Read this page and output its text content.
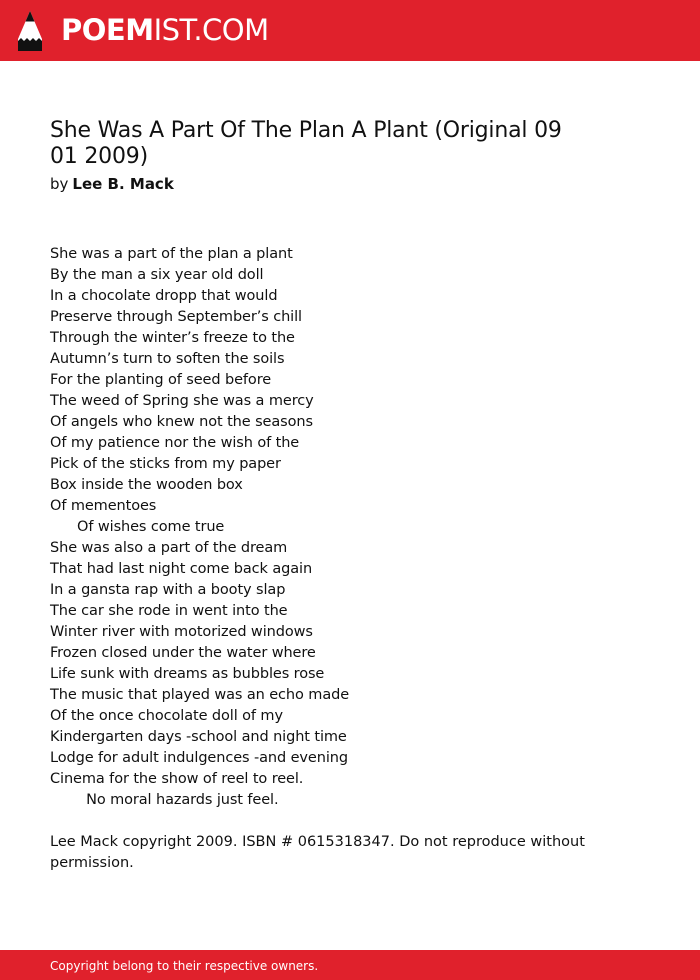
POEMIST.COM
She Was A Part Of The Plan A Plant (Original 09
01 2009)
by Lee B. Mack
She was a part of the plan a plant
By the man a six year old doll
In a chocolate dropp that would
Preserve through September’s chill
Through the winter’s freeze to the
Autumn’s turn to soften the soils
For the planting of seed before
The weed of Spring she was a mercy
Of angels who knew not the seasons
Of my patience nor the wish of the
Pick of the sticks from my paper
Box inside the wooden box
Of mementoes
Of wishes come true
She was also a part of the dream
That had last night come back again
In a gansta rap with a booty slap
The car she rode in went into the
Winter river with motorized windows
Frozen closed under the water where
Life sunk with dreams as bubbles rose
The music that played was an echo made
Of the once chocolate doll of my
Kindergarten days -school and night time
Lodge for adult indulgences -and evening
Cinema for the show of reel to reel.
No moral hazards just feel.
Lee Mack copyright 2009. ISBN # 0615318347. Do not reproduce without permission.
Copyright belong to their respective owners.
